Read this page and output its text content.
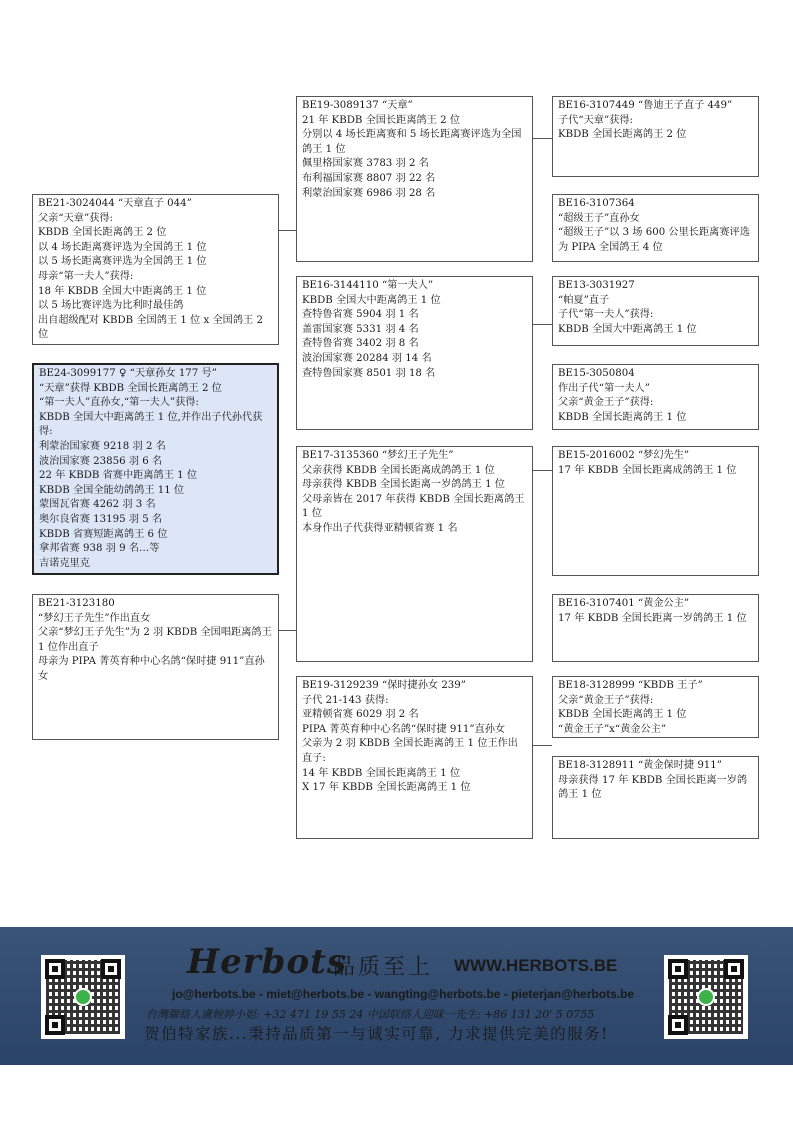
BE21-3024044 “天章直子 044”
父亲“天章”获得:
KBDB 全国长距离鸽王 2 位
以 4 场长距离赛评选为全国鸽王 1 位
以 5 场长距离赛评选为全国鸽王 1 位
母亲“第一夫人”获得:
18 年 KBDB 全国大中距离鸽王 1 位
以 5 场比赛评选为比利时最佳鸽
出自超级配对 KBDB 全国鸽王 1 位 x 全国鸽王 2 位
BE24-3099177 ♀ “天章孙女 177 号”
“天章”获得 KBDB 全国长距离鸽王 2 位
“第一夫人”直孙女,“第一夫人”获得:
KBDB 全国大中距离鸽王 1 位,并作出子代孙代获得:
利蒙治国家赛 9218 羽 2 名
波治国家赛 23856 羽 6 名
22 年 KBDB 省赛中距离鸽王 1 位
KBDB 全国全能幼鸽鸽王 11 位
蒙图瓦省赛 4262 羽 3 名
奥尔良省赛 13195 羽 5 名
KBDB 省赛短距离鸽王 6 位
拿邦省赛 938 羽 9 名…等
吉诺克里克
BE21-3123180
“梦幻王子先生”作出直女
父亲“梦幻王子先生”为 2 羽 KBDB 全国唱距离鸽王 1 位作出直子
母亲为 PIPA 菁英育种中心名鸽“保时捷 911”直孙女
BE19-3089137 “天章”
21 年 KBDB 全国长距离鸽王 2 位
分别以 4 场长距离赛和 5 场长距离赛评选为全国鸽王 1 位
佩里格国家赛 3783 羽 2 名
布利福国家赛 8807 羽 22 名
利蒙治国家赛 6986 羽 28 名
BE16-3144110 “第一夫人”
KBDB 全国大中距离鸽王 1 位
查特鲁省赛 5904 羽 1 名
盖雷国家赛 5331 羽 4 名
查特鲁省赛 3402 羽 8 名
波治国家赛 20284 羽 14 名
查特鲁国家赛 8501 羽 18 名
BE17-3135360 “梦幻王子先生”
父亲获得 KBDB 全国长距离成鸽鸽王 1 位
母亲获得 KBDB 全国长距离一岁鸽鸽王 1 位
父母亲皆在 2017 年获得 KBDB 全国长距离鸽王 1 位
本身作出子代获得亚精顿省赛 1 名
BE19-3129239 “保时捷孙女 239”
子代 21-143 获得:
亚精顿省赛 6029 羽 2 名
PIPA 菁英育种中心名鸽“保时捷 911”直孙女
父亲为 2 羽 KBDB 全国长距离鸽王 1 位王作出直子:
14 年 KBDB 全国长距离鸽王 1 位
X 17 年 KBDB 全国长距离鸽王 1 位
BE16-3107449 “鲁迪王子直子 449”
子代“天章”获得:
KBDB 全国长距离鸽王 2 位
BE16-3107364
“超级王子”直孙女
“超级王子”以 3 场 600 公里长距离赛评选为 PIPA 全国鸽王 4 位
BE13-3031927
“帕夏”直子
子代“第一夫人”获得:
KBDB 全国大中距离鸽王 1 位
BE15-3050804
作出子代“第一夫人”
父亲“黄金王子”获得:
KBDB 全国长距离鸽王 1 位
BE15-2016002 “梦幻先生”
17 年 KBDB 全国长距离成鸽鸽王 1 位
BE16-3107401 “黄金公主”
17 年 KBDB 全国长距离一岁鸽鸽王 1 位
BE18-3128999 “KBDB 王子”
父亲“黄金王子”获得:
KBDB 全国长距离鸽王 1 位
“黄金王子”x“黄金公主”
BE18-3128911 “黄金保时捷 911”
母亲获得 17 年 KBDB 全国长距离一岁鸽鸽王 1 位
Herbots
品质至上 WWW.HERBOTS.BE
jo@herbots.be - miet@herbots.be - wangting@herbots.be - pieterjan@herbots.be
台灣聯絡人盧婉婷小姐: +32 471 19 55 24 中国联络人迎昧一先生: +86 131 20' 5 0755
贺伯特家族...秉持品质第一与诚实可靠, 力求提供完美的服务!
